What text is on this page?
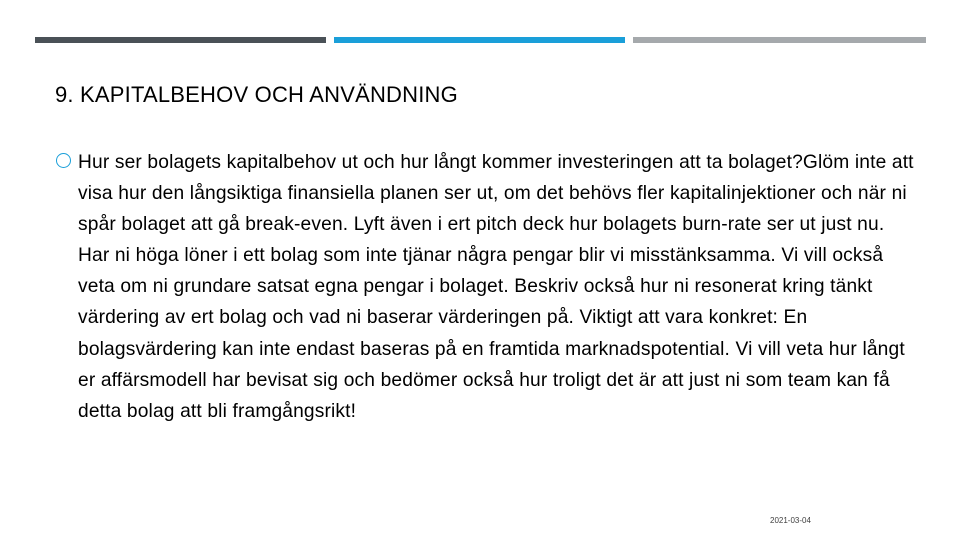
9. KAPITALBEHOV OCH ANVÄNDNING
Hur ser bolagets kapitalbehov ut och hur långt kommer investeringen att ta bolaget?Glöm inte att visa hur den långsiktiga finansiella planen ser ut, om det behövs fler kapitalinjektioner och när ni spår bolaget att gå break-even. Lyft även i ert pitch deck hur bolagets burn-rate ser ut just nu. Har ni höga löner i ett bolag som inte tjänar några pengar blir vi misstänksamma. Vi vill också veta om ni grundare satsat egna pengar i bolaget. Beskriv också hur ni resonerat kring tänkt värdering av ert bolag och vad ni baserar värderingen på. Viktigt att vara konkret: En bolagsvärdering kan inte endast baseras på en framtida marknadspotential. Vi vill veta hur långt er affärsmodell har bevisat sig och bedömer också hur troligt det är att just ni som team kan få detta bolag att bli framgångsrikt!
2021-03-04
